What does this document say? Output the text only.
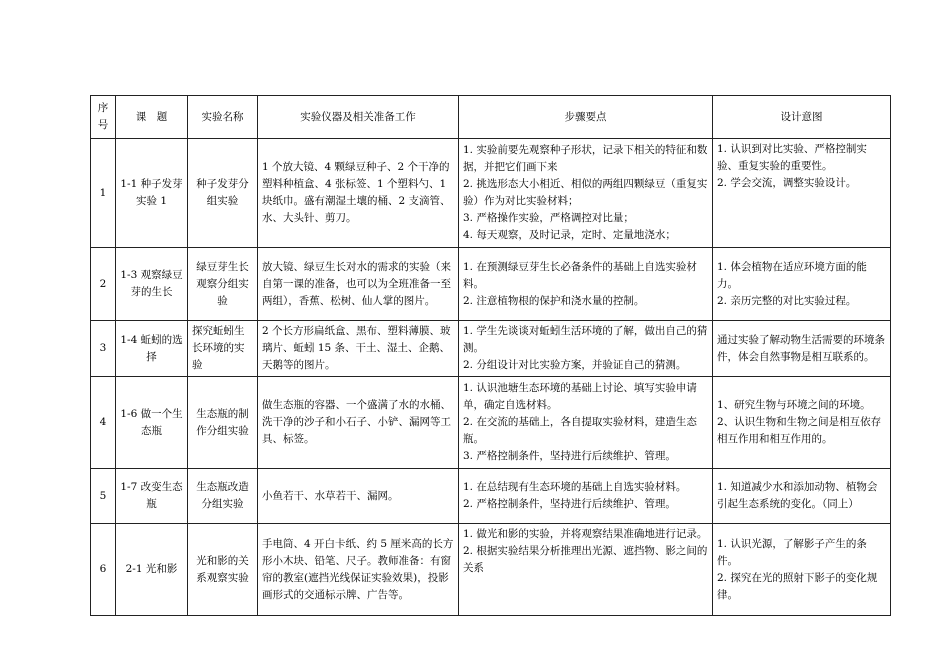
序号	课　题	实验名称	实验仪器及相关准备工作	步骤要点	设计意图
1	1-1 种子发芽实验 1	种子发芽分组实验	1 个放大镜、4 颗绿豆种子、2 个干净的塑料种植盒、4 张标签、1 个塑料勺、1 块纸巾。盛有潮湿土壤的桶、2 支滴管、水、大头针、剪刀。	1. 实验前要先观察种子形状，记录下相关的特征和数据，并把它们画下来
2. 挑选形态大小相近、相似的两组四颗绿豆（重复实验）作为对比实验材料；
3. 严格操作实验，严格调控对比量；
4. 每天观察，及时记录，定时、定量地浇水；	1. 认识到对比实验、严格控制实验、重复实验的重要性。
2. 学会交流，调整实验设计。

2	1-3 观察绿豆芽的生长	绿豆芽生长观察分组实验	放大镜、绿豆生长对水的需求的实验（来自第一课的准备，也可以为全班准备一至两组），香蕉、松树、仙人掌的图片。	1. 在预测绿豆芽生长必备条件的基础上自选实验材料。
2. 注意植物根的保护和浇水量的控制。	1. 体会植物在适应环境方面的能力。
2. 亲历完整的对比实验过程。

3	1-4 蚯蚓的选择	探究蚯蚓生长环境的实验	2 个长方形扁纸盒、黑布、塑料薄膜、玻璃片、蚯蚓 15 条、干土、湿土、企鹅、天鹅等的图片。	1. 学生先谈谈对蚯蚓生活环境的了解，做出自己的猜测。
2. 分组设计对比实验方案，并验证自己的猜测。	通过实验了解动物生活需要的环境条件，体会自然事物是相互联系的。

4	1-6 做一个生态瓶	生态瓶的制作分组实验	做生态瓶的容器、一个盛满了水的水桶、洗干净的沙子和小石子、小铲、漏网等工具、标签。	1. 认识池塘生态环境的基础上讨论、填写实验申请单，确定自选材料。
2. 在交流的基础上，各自提取实验材料，建造生态瓶。
3. 严格控制条件，坚持进行后续维护、管理。	1、研究生物与环境之间的环境。
2、认识生物和生物之间是相互依存相互作用和相互作用的。

5	1-7 改变生态瓶	生态瓶改造分组实验	小鱼若干、水草若干、漏网。	1. 在总结现有生态环境的基础上自选实验材料。
2. 严格控制条件，坚持进行后续维护、管理。	1. 知道减少水和添加动物、植物会引起生态系统的变化。（同上）

6	2-1 光和影	光和影的关系观察实验	手电筒、4 开白卡纸、约 5 厘米高的长方形小木块、铅笔、尺子。教师准备：有窗帘的教室(遮挡光线保证实验效果)，投影画形式的交通标示牌、广告等。	1. 做光和影的实验，并将观察结果准确地进行记录。
2. 根据实验结果分析推理出光源、遮挡物、影之间的关系	1. 认识光源，了解影子产生的条件。
2. 探究在光的照射下影子的变化规律。
